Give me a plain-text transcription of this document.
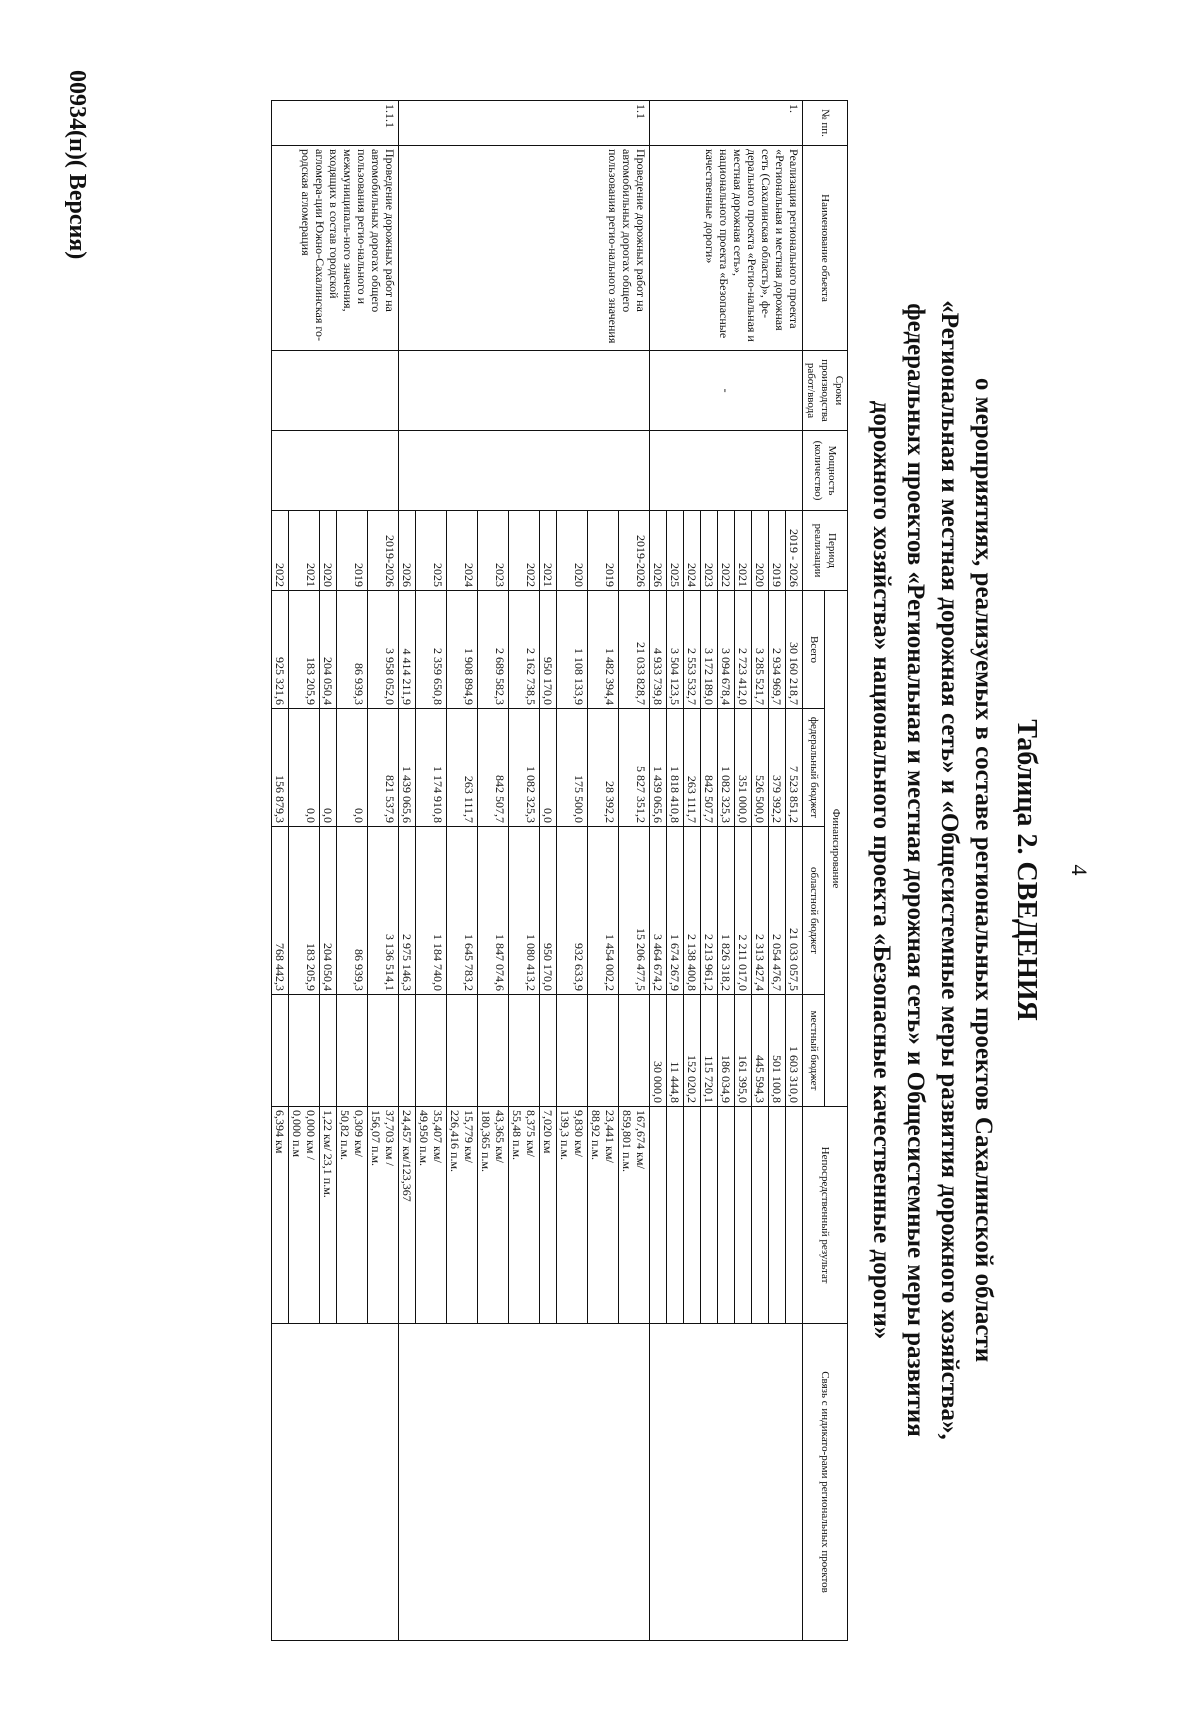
4
Таблица 2. СВЕДЕНИЯ
о мероприятиях, реализуемых в составе региональных проектов Сахалинской области
«Региональная и местная дорожная сеть» и «Общесистемные меры развития дорожного хозяйства»,
федеральных проектов «Региональная и местная дорожная сеть» и Общесистемные меры развития
дорожного хозяйства» национального проекта «Безопасные качественные дороги»
№ пп.	Наименование объекта	Сроки производства работ/ввода	Мощность (количество)	Период реализации	Финансирование				Непосредственный результат	Связь с индикато-рами региональных проектов
					Всего	федеральный бюджет	областной бюджет	местный бюджет		
1.	Реализация регионального проекта «Региональная и местная дорожная сеть (Сахалинская область)», фе-дерального проекта «Регио-нальная и местная дорожная сеть», национального проекта «Безопасные качественные дороги»	-		2019 - 2026	30 160 218,7	7 523 851,2	21 033 057,5	1 603 310,0		
				2019	2 934 969,7	379 392,2	2 054 476,7	501 100,8		
				2020	3 285 521,7	526 500,0	2 313 427,4	445 594,3		
				2021	2 723 412,0	351 000,0	2 211 017,0	161 395,0		
				2022	3 094 678,4	1 082 325,3	1 826 318,2	186 034,9		
				2023	3 172 189,0	842 507,7	2 213 961,2	115 720,1		
				2024	2 553 532,7	263 111,7	2 138 400,8	152 020,2		
				2025	3 504 123,5	1 818 410,8	1 674 267,9	11 444,8		
				2026	4 933 739,8	1 439 065,6	3 464 674,2	30 000,0		
1.1	Проведение дорожных работ на автомобильных дорогах общего пользования регио-нального значения			2019-2026	21 033 828,7	5 827 351,2	15 206 477,5		167,674 км/
859,801 п.м.	
				2019	1 482 394,4	28 392,2	1 454 002,2		23,441 км/
88,92 п.м.	
				2020	1 108 133,9	175 500,0	932 633,9		9,830 км/
139,3 п.м.	
				2021	950 170,0	0,0	950 170,0		7,020 км	
				2022	2 162 738,5	1 082 325,3	1 080 413,2		8,375 км/
55,48 п.м.	
				2023	2 689 582,3	842 507,7	1 847 074,6		43,365 км/
180,365 п.м.	
				2024	1 908 894,9	263 111,7	1 645 783,2		15,779 км/
226,416 п.м.	
				2025	2 359 650,8	1 174 910,8	1 184 740,0		35,407 км/
49,950 п.м.	
				2026	4 414 211,9	1 439 065,6	2 975 146,3		24,457 км/123,367	
1.1.1	Проведение дорожных работ на автомобильных дорогах общего пользования регио-нального и межмуниципаль-ного значения, входящих в состав городской агломера-ции Южно-Сахалинская го-родская агломерация			2019-2026	3 958 052,0	821 537,9	3 136 514,1		37,703 км /
156,07 п.м.	
				2019	86 939,3	0,0	86 939,3		0,309 км/
50,82 п.м.	
				2020	204 050,4	0,0	204 050,4		1,22 км/ 23,1 п.м.	
				2021	183 205,9	0,0	183 205,9		0,000 км /
0,000 п.м	
				2022	925 321,6	156 879,3	768 442,3		6,394 км	
00934(п)( Версия)
